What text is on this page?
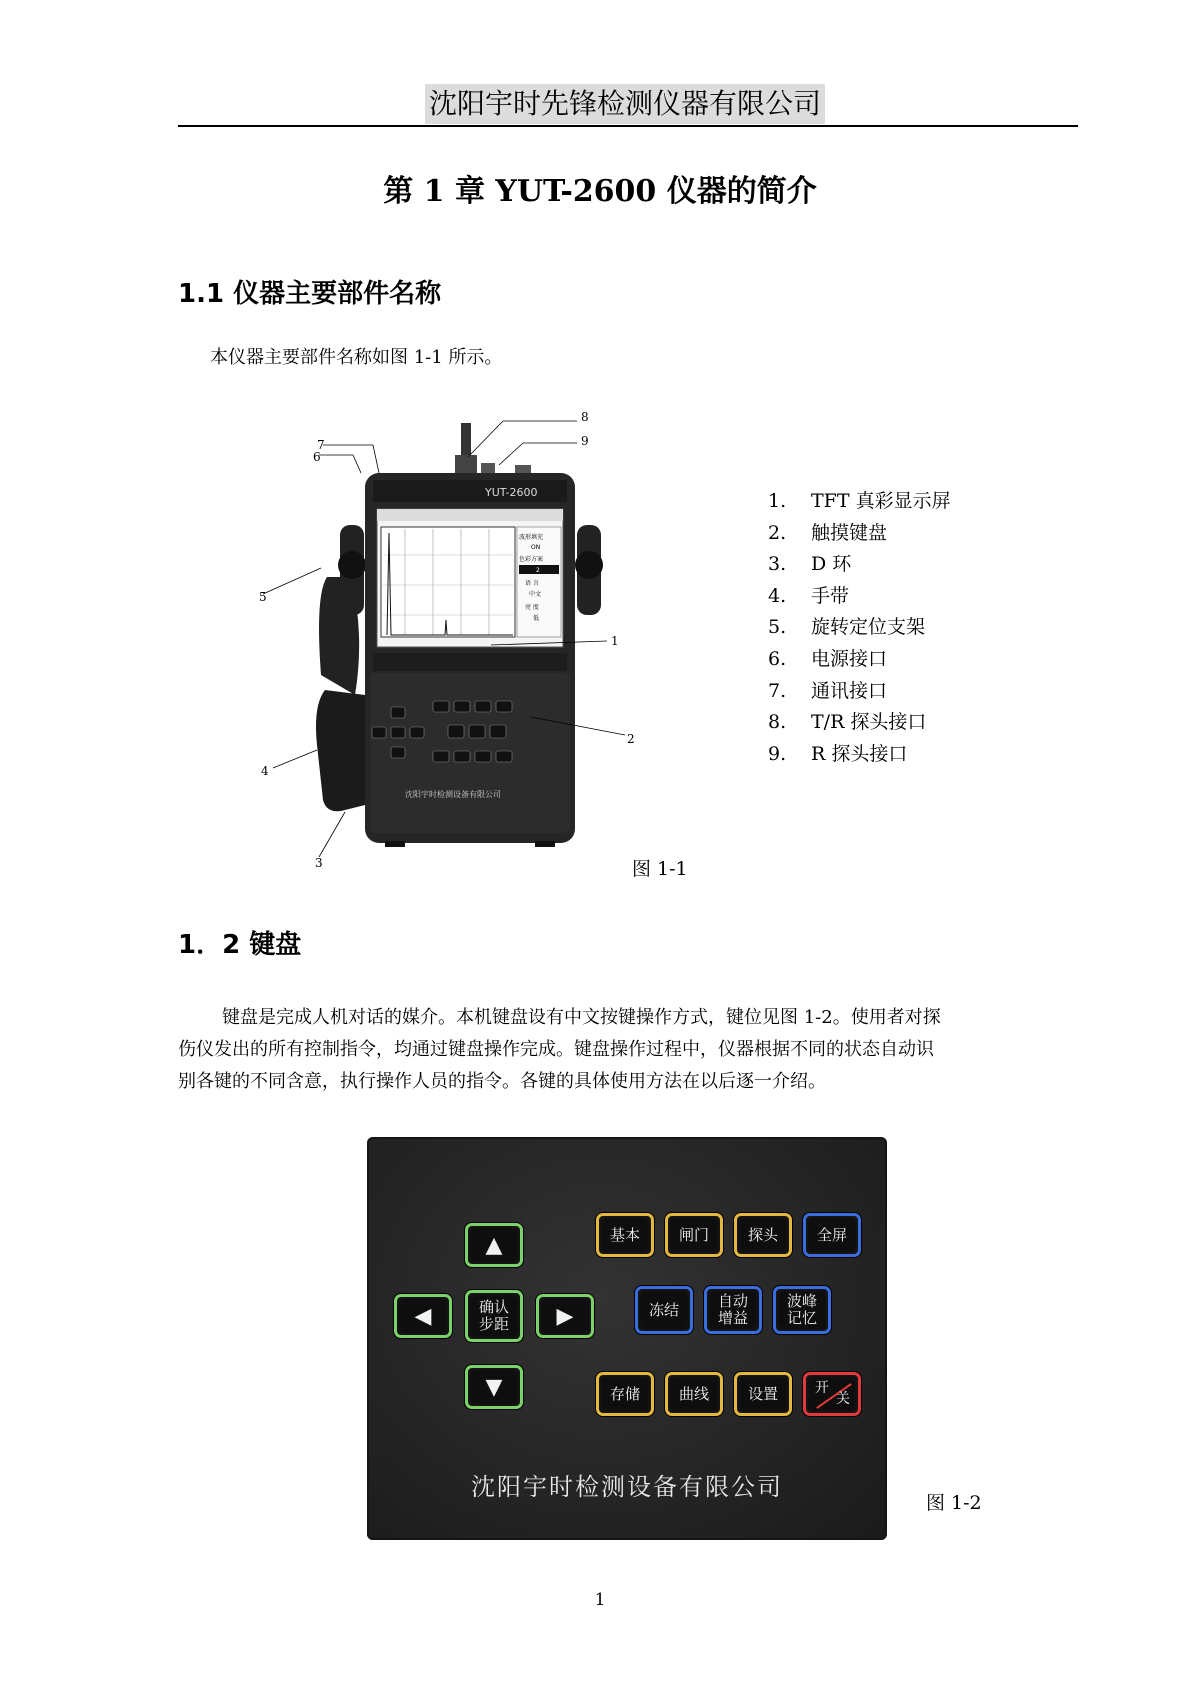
沈阳宇时先锋检测仪器有限公司
第 1 章 YUT-2600 仪器的简介
1.1 仪器主要部件名称
本仪器主要部件名称如图 1-1 所示。
YUT-2600
波形填充
ON
色彩方案
2
语 言
中文
亮 度
低
沈阳宇时检测设备有限公司
1
2
3
4
5
6
7
8
9
1. TFT 真彩显示屏
2. 触摸键盘
3. D 环
4. 手带
5. 旋转定位支架
6. 电源接口
7. 通讯接口
8. T/R 探头接口
9. R 探头接口
图 1-1
1．2 键盘
键盘是完成人机对话的媒介。本机键盘设有中文按键操作方式，键位见图 1-2。使用者对探
伤仪发出的所有控制指令，均通过键盘操作完成。键盘操作过程中，仪器根据不同的状态自动识
别各键的不同含意，执行操作人员的指令。各键的具体使用方法在以后逐一介绍。
▲
◀	确认
步距	▶
▼
基本	闸门	探头	全屏
冻结	自动
增益
波峰
记忆
存储	曲线	设置	开
关
沈阳宇时检测设备有限公司
图 1-2
1
